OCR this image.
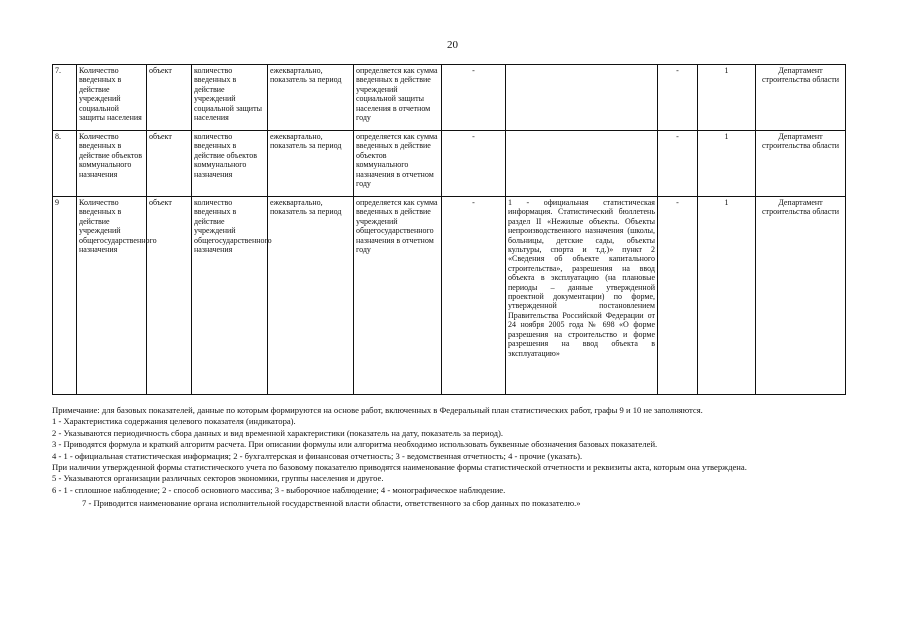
20
7.	Количество введенных в действие учреждений социальной защиты населения	объект	количество введенных в действие учреждений социальной защиты населения	ежеквартально, показатель за период	определяется как сумма введенных в действие учреждений социальной защиты населения в отчетном году	-		-	1	Департамент строительства области
8.	Количество введенных в действие объектов коммунального назначения	объект	количество введенных в действие объектов коммунального назначения	ежеквартально, показатель за период	определяется как сумма введенных в действие объектов коммунального назначения в отчетном году	-		-	1	Департамент строительства области
9	Количество введенных в действие учреждений общегосударственного назначения	объект	количество введенных в действие учреждений общегосударственного назначения	ежеквартально, показатель за период	определяется как сумма введенных в действие учреждений общегосударственного назначения в отчетном году	-	1 - официальная статистическая информация. Статистический бюллетень раздел II «Нежилые объекты. Объекты непроизводственного назначения (школы, больницы, детские сады, объекты культуры, спорта и т.д.)» пункт 2 «Сведения об объекте капитального строительства», разрешения на ввод объекта в эксплуатацию (на плановые периоды – данные утвержденной проектной документации) по форме, утвержденной постановлением Правительства Российской Федерации от 24 ноября 2005 года № 698 «О форме разрешения на строительство и форме разрешения на ввод объекта в эксплуатацию»	-	1	Департамент строительства области

Примечание: для базовых показателей, данные по которым формируются на основе работ, включенных в Федеральный план статистических работ, графы 9 и 10 не заполняются.

1 - Характеристика содержания целевого показателя (индикатора).

2 - Указываются периодичность сбора данных и вид временной характеристики (показатель на дату, показатель за период).

3 - Приводятся формула и краткий алгоритм расчета. При описании формулы или алгоритма необходимо использовать буквенные обозначения базовых показателей.

4 - 1 - официальная статистическая информация; 2 - бухгалтерская и финансовая отчетность; 3 - ведомственная отчетность; 4 - прочие (указать).

При наличии утвержденной формы статистического учета по базовому показателю приводятся наименование формы статистической отчетности и реквизиты акта, которым она утверждена.

5 - Указываются организации различных секторов экономики, группы населения и другое.

6 - 1 - сплошное наблюдение; 2 - способ основного массива; 3 - выборочное наблюдение; 4 - монографическое наблюдение.

7 - Приводится наименование органа исполнительной государственной власти области, ответственного за сбор данных по показателю.»
